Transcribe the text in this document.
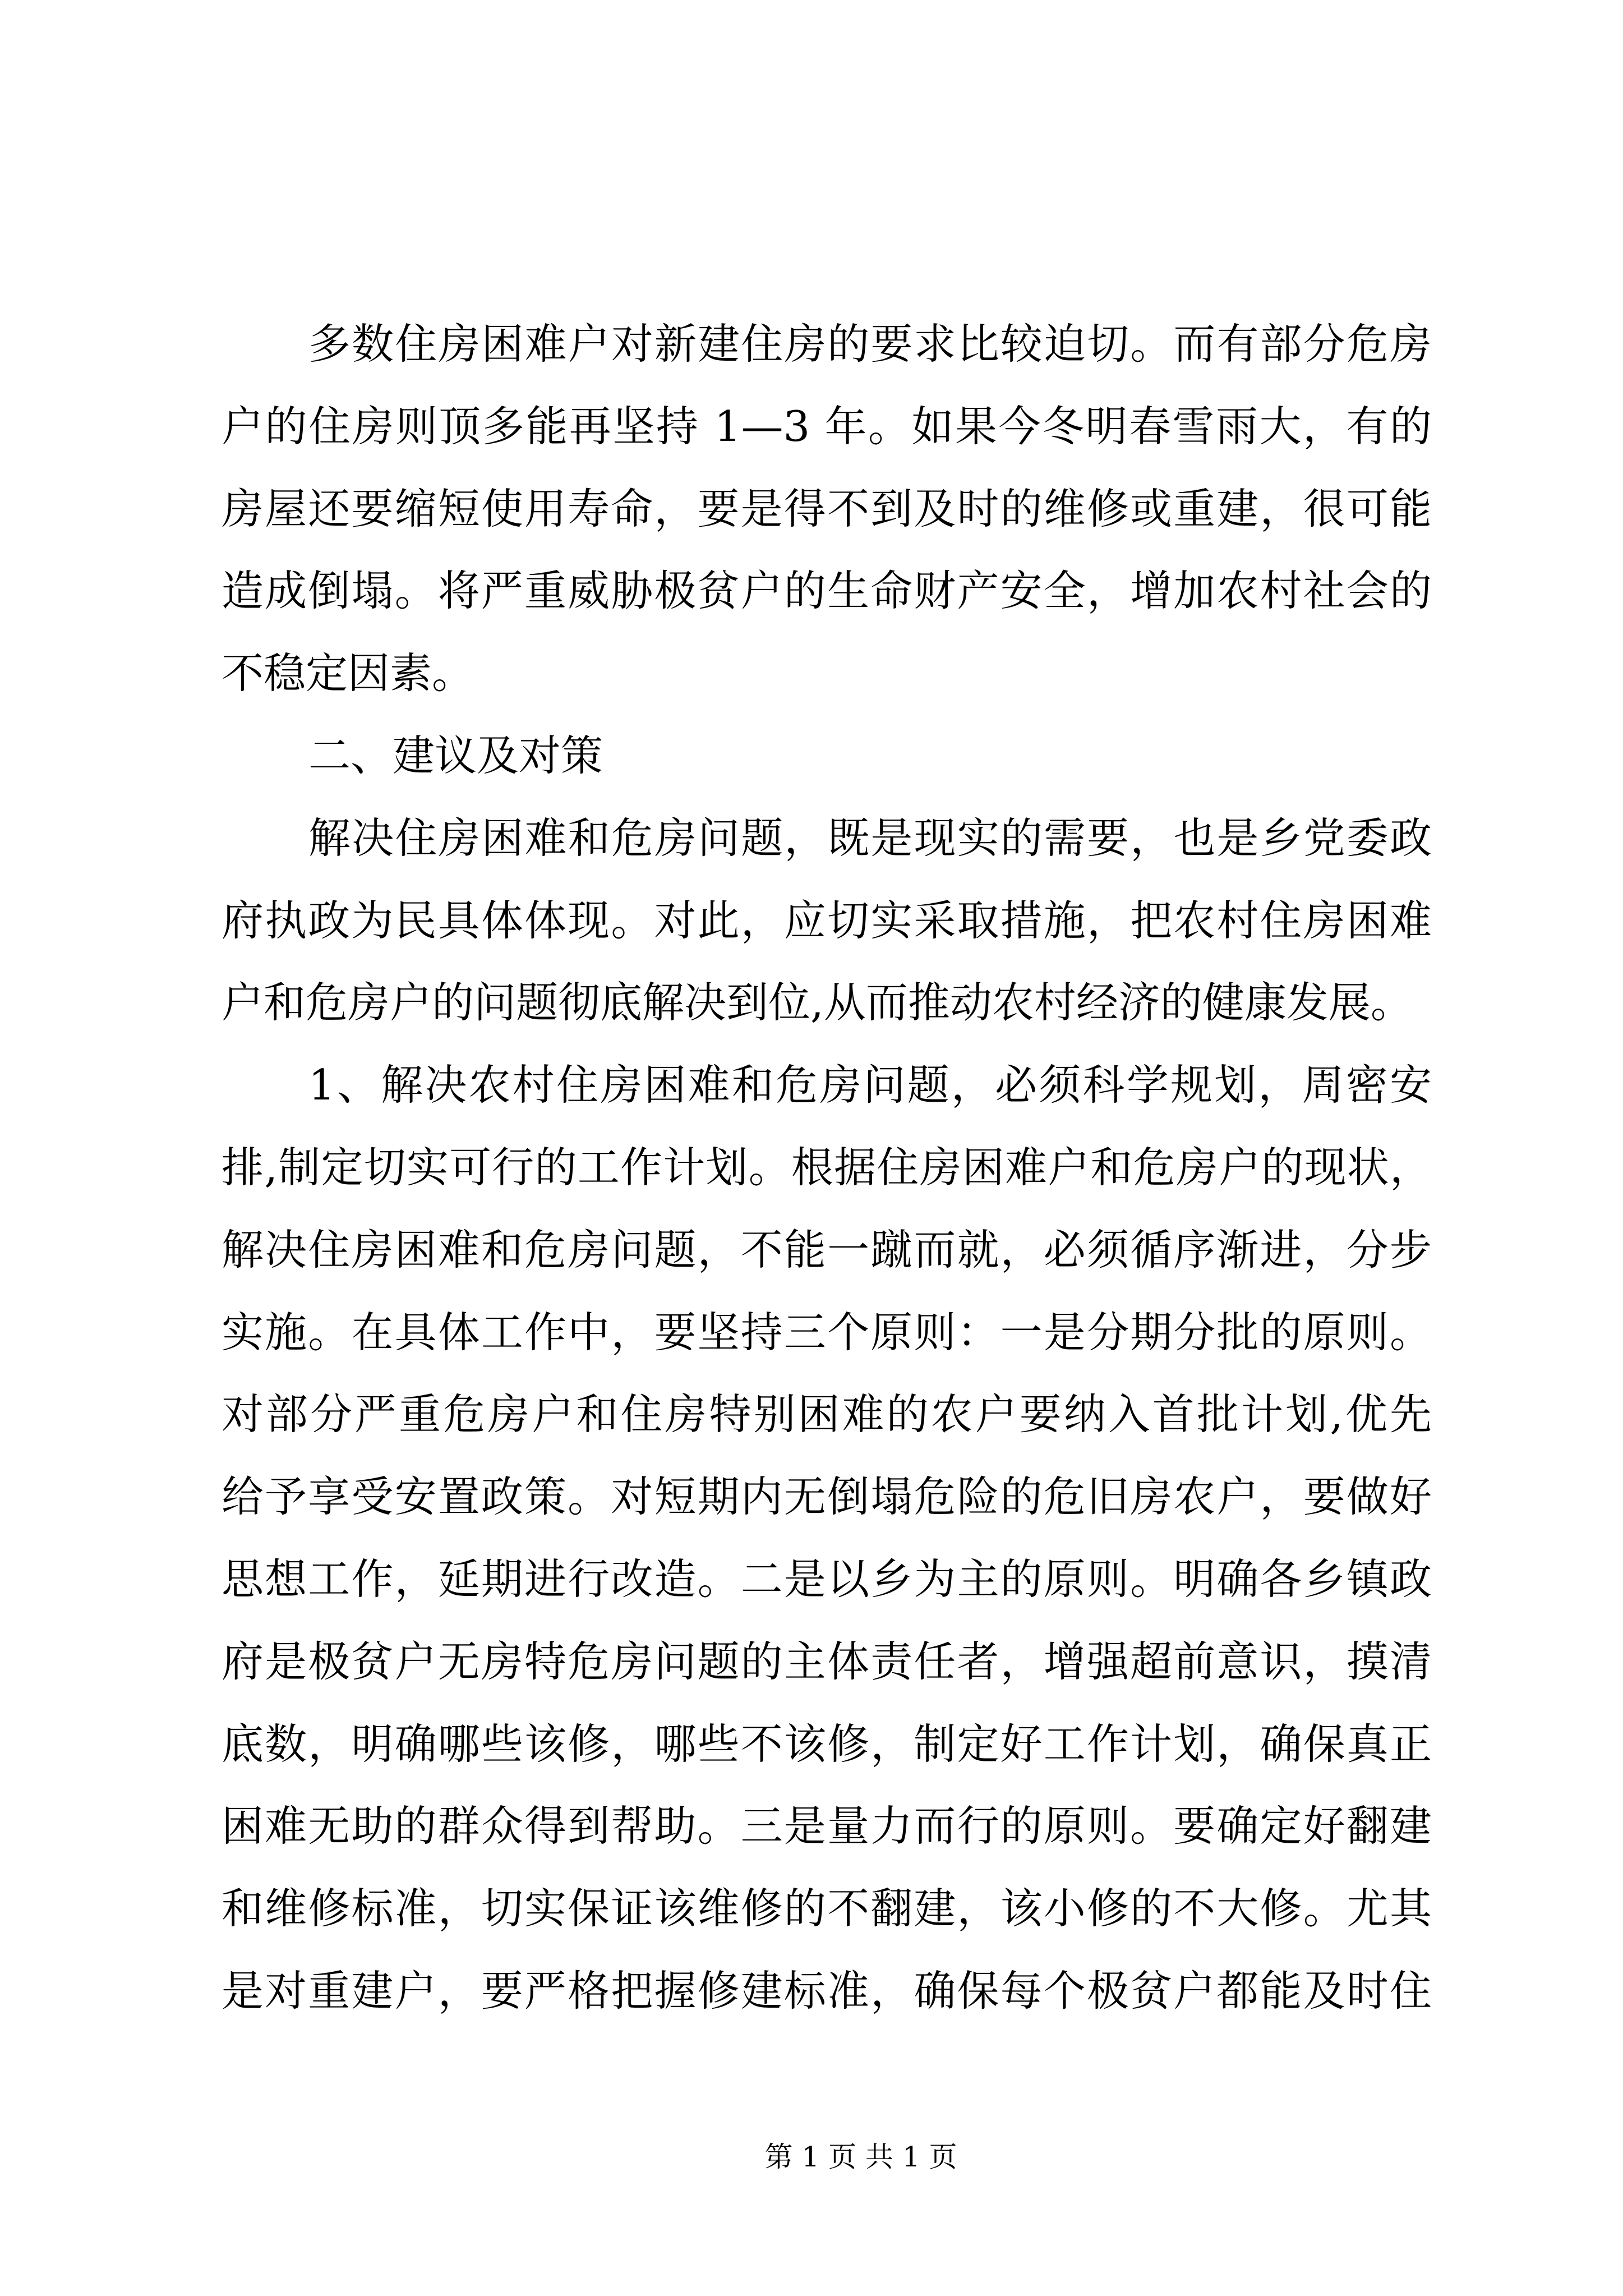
多数住房困难户对新建住房的要求比较迫切。而有部分危房
户的住房则顶多能再坚持 1—3 年。如果今冬明春雪雨大，有的
房屋还要缩短使用寿命，要是得不到及时的维修或重建，很可能
造成倒塌。将严重威胁极贫户的生命财产安全，增加农村社会的
不稳定因素。
二、建议及对策
解决住房困难和危房问题，既是现实的需要，也是乡党委政
府执政为民具体体现。对此，应切实采取措施，把农村住房困难
户和危房户的问题彻底解决到位,从而推动农村经济的健康发展。
1、解决农村住房困难和危房问题，必须科学规划，周密安
排,制定切实可行的工作计划。根据住房困难户和危房户的现状，
解决住房困难和危房问题，不能一蹴而就，必须循序渐进，分步
实施。在具体工作中，要坚持三个原则：一是分期分批的原则。
对部分严重危房户和住房特别困难的农户要纳入首批计划,优先
给予享受安置政策。对短期内无倒塌危险的危旧房农户，要做好
思想工作，延期进行改造。二是以乡为主的原则。明确各乡镇政
府是极贫户无房特危房问题的主体责任者，增强超前意识，摸清
底数，明确哪些该修，哪些不该修，制定好工作计划，确保真正
困难无助的群众得到帮助。三是量力而行的原则。要确定好翻建
和维修标准，切实保证该维修的不翻建，该小修的不大修。尤其
是对重建户，要严格把握修建标准，确保每个极贫户都能及时住
第 1 页 共 1 页
